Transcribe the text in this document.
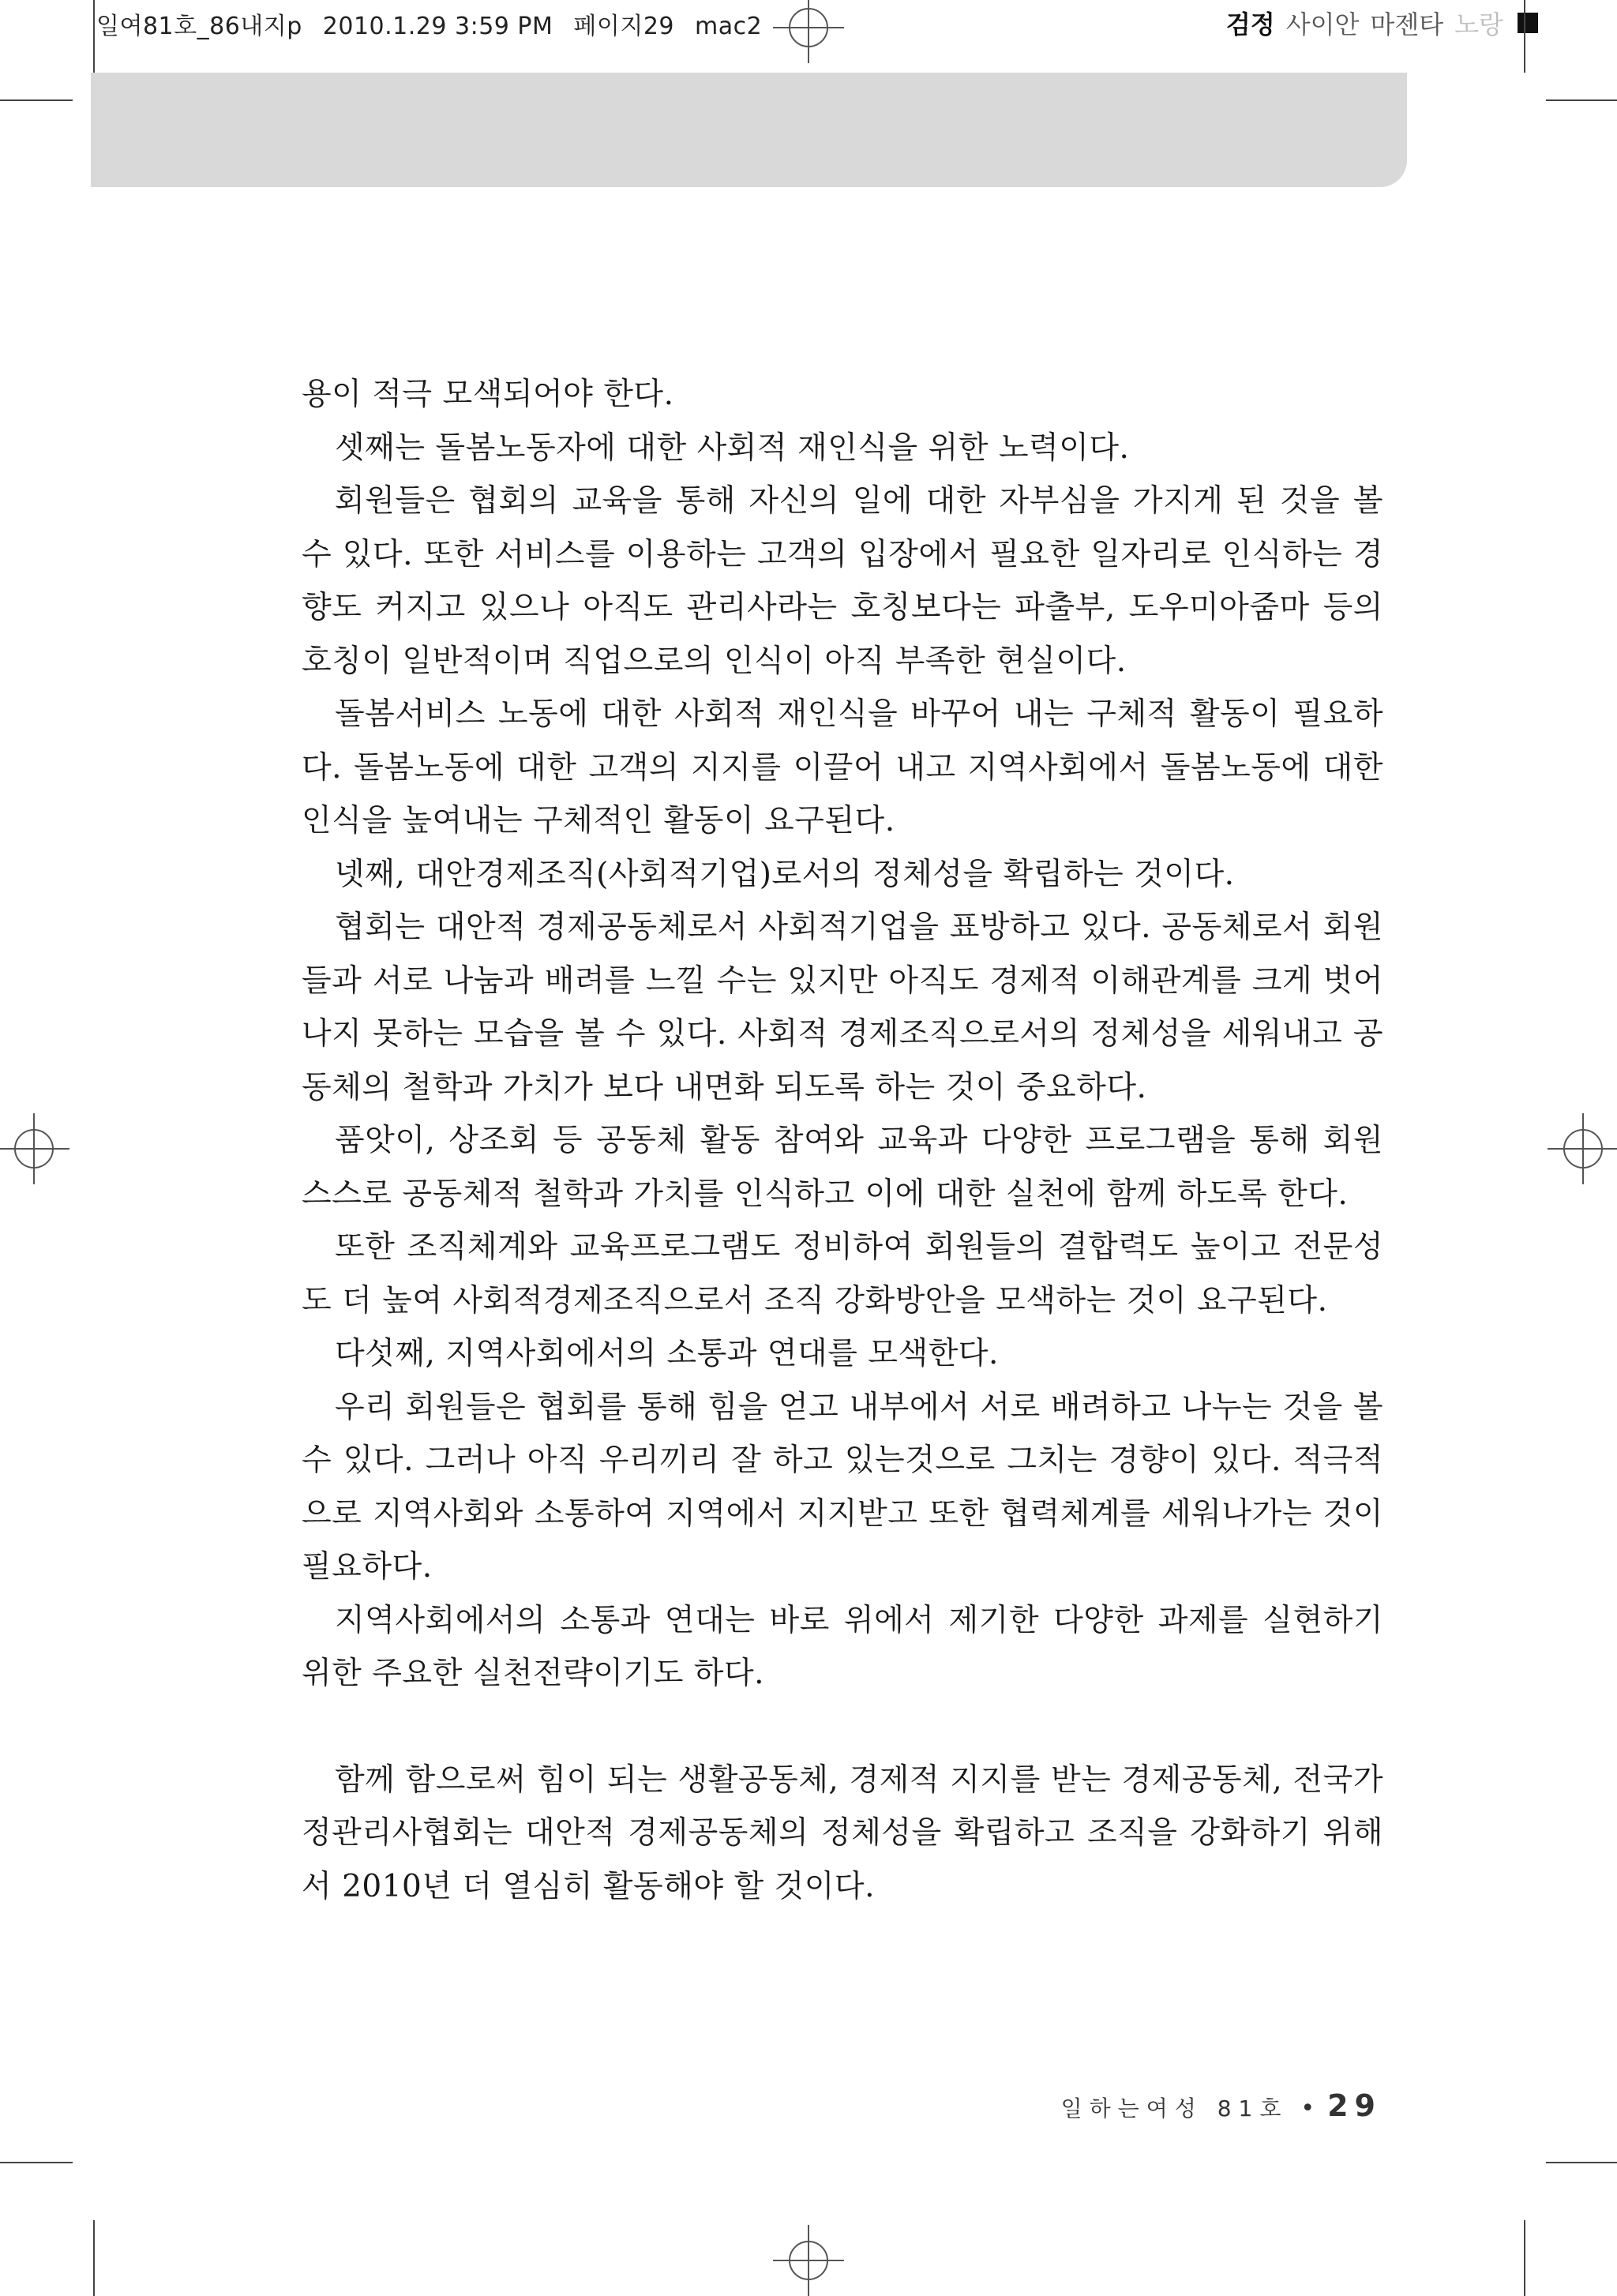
일여81호_86내지p 2010.1.29 3:59 PM 페이지29 mac2	검정 사이안 마젠타 노랑

용이 적극 모색되어야 한다.

셋째는 돌봄노동자에 대한 사회적 재인식을 위한 노력이다.

회원들은 협회의 교육을 통해 자신의 일에 대한 자부심을 가지게 된 것을 볼 수 있다. 또한 서비스를 이용하는 고객의 입장에서 필요한 일자리로 인식하는 경향도 커지고 있으나 아직도 관리사라는 호칭보다는 파출부, 도우미아줌마 등의 호칭이 일반적이며 직업으로의 인식이 아직 부족한 현실이다.

돌봄서비스 노동에 대한 사회적 재인식을 바꾸어 내는 구체적 활동이 필요하다. 돌봄노동에 대한 고객의 지지를 이끌어 내고 지역사회에서 돌봄노동에 대한 인식을 높여내는 구체적인 활동이 요구된다.

넷째, 대안경제조직(사회적기업)로서의 정체성을 확립하는 것이다.

협회는 대안적 경제공동체로서 사회적기업을 표방하고 있다. 공동체로서 회원들과 서로 나눔과 배려를 느낄 수는 있지만 아직도 경제적 이해관계를 크게 벗어나지 못하는 모습을 볼 수 있다. 사회적 경제조직으로서의 정체성을 세워내고 공동체의 철학과 가치가 보다 내면화 되도록 하는 것이 중요하다.

품앗이, 상조회 등 공동체 활동 참여와 교육과 다양한 프로그램을 통해 회원 스스로 공동체적 철학과 가치를 인식하고 이에 대한 실천에 함께 하도록 한다.

또한 조직체계와 교육프로그램도 정비하여 회원들의 결합력도 높이고 전문성도 더 높여 사회적경제조직으로서 조직 강화방안을 모색하는 것이 요구된다.

다섯째, 지역사회에서의 소통과 연대를 모색한다.

우리 회원들은 협회를 통해 힘을 얻고 내부에서 서로 배려하고 나누는 것을 볼 수 있다. 그러나 아직 우리끼리 잘 하고 있는것으로 그치는 경향이 있다. 적극적으로 지역사회와 소통하여 지역에서 지지받고 또한 협력체계를 세워나가는 것이 필요하다.

지역사회에서의 소통과 연대는 바로 위에서 제기한 다양한 과제를 실현하기 위한 주요한 실천전략이기도 하다.

함께 함으로써 힘이 되는 생활공동체, 경제적 지지를 받는 경제공동체, 전국가정관리사협회는 대안적 경제공동체의 정체성을 확립하고 조직을 강화하기 위해서 2010년 더 열심히 활동해야 할 것이다.

일하는여성 81호 • 29
